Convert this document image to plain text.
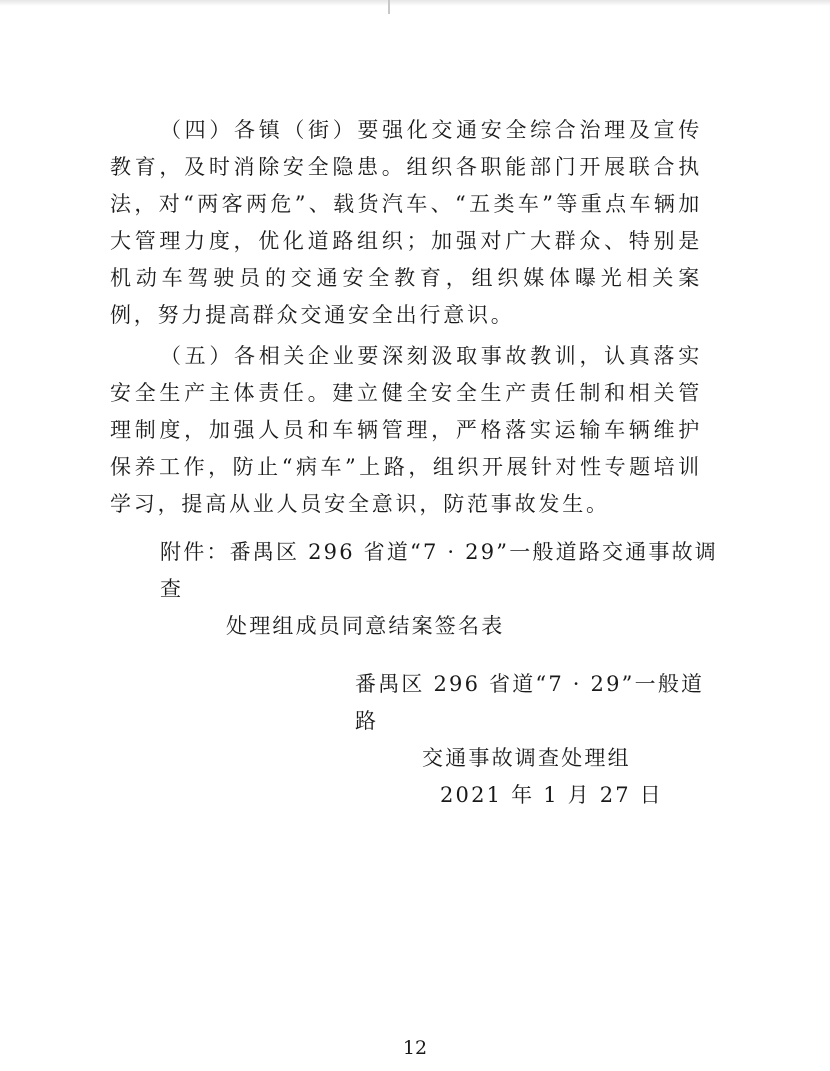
（四）各镇（街）要强化交通安全综合治理及宣传教育，及时消除安全隐患。组织各职能部门开展联合执法，对“两客两危”、载货汽车、“五类车”等重点车辆加大管理力度，优化道路组织；加强对广大群众、特别是机动车驾驶员的交通安全教育，组织媒体曝光相关案例，努力提高群众交通安全出行意识。

（五）各相关企业要深刻汲取事故教训，认真落实安全生产主体责任。建立健全安全生产责任制和相关管理制度，加强人员和车辆管理，严格落实运输车辆维护保养工作，防止“病车”上路，组织开展针对性专题培训学习，提高从业人员安全意识，防范事故发生。

附件：番禺区 296 省道“7 · 29”一般道路交通事故调查
处理组成员同意结案签名表
番禺区 296 省道“7 · 29”一般道路
交通事故调查处理组
2021 年 1 月 27 日
12
